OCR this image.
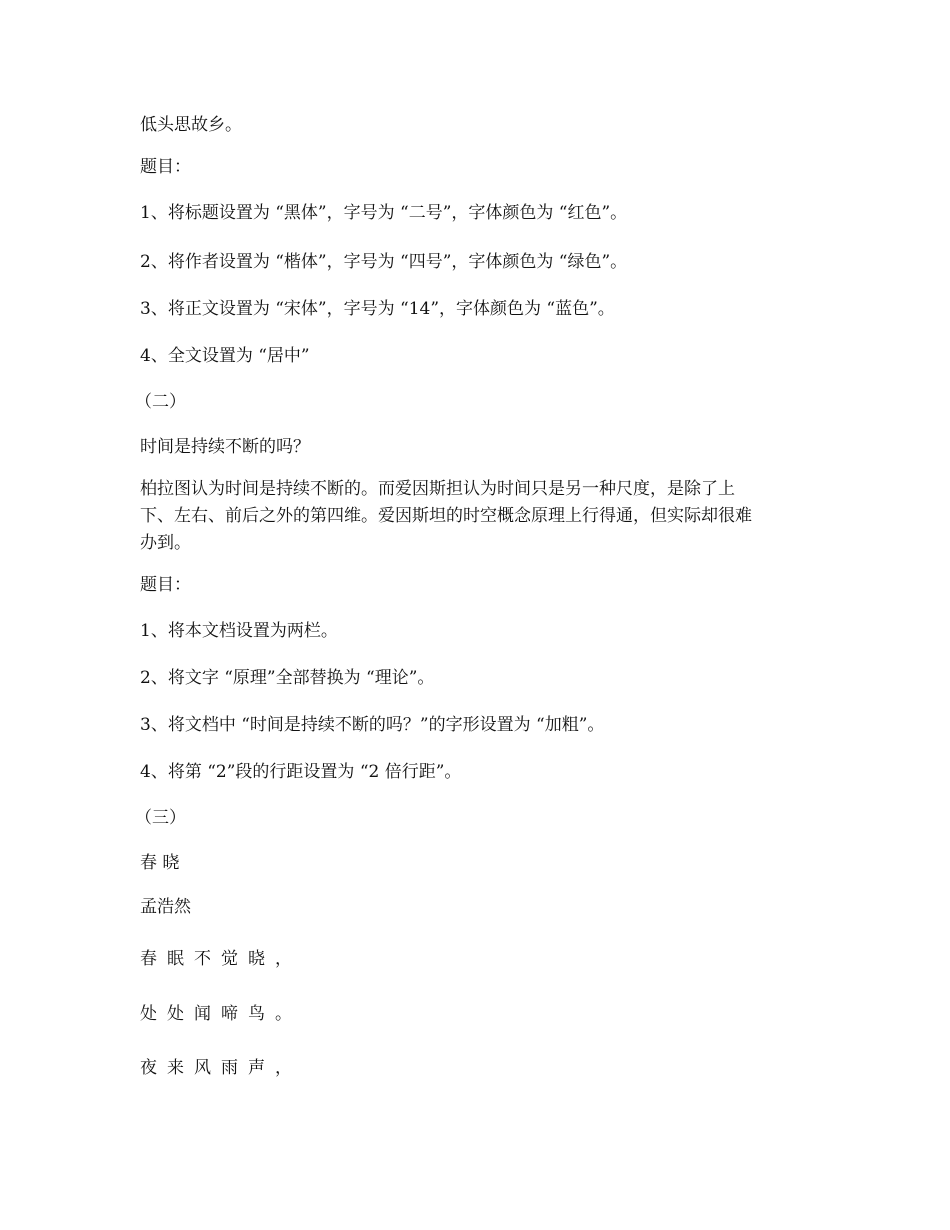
低头思故乡。
题目：
1、将标题设置为 “黑体”，字号为 “二号”，字体颜色为 “红色”。
2、将作者设置为 “楷体”，字号为 “四号”，字体颜色为 “绿色”。
3、将正文设置为 “宋体”，字号为 “14”，字体颜色为 “蓝色”。
4、全文设置为 “居中”
（二）
时间是持续不断的吗？
柏拉图认为时间是持续不断的。而爱因斯担认为时间只是另一种尺度，是除了上
下、左右、前后之外的第四维。爱因斯坦的时空概念原理上行得通，但实际却很难
办到。
题目：
1、将本文档设置为两栏。
2、将文字 “原理”全部替换为 “理论”。
3、将文档中 “时间是持续不断的吗？”的字形设置为 “加粗”。
4、将第 “2”段的行距设置为 “2 倍行距”。
（三）
春 晓
孟浩然
春眠不觉晓，
处处闻啼鸟。
夜来风雨声，
